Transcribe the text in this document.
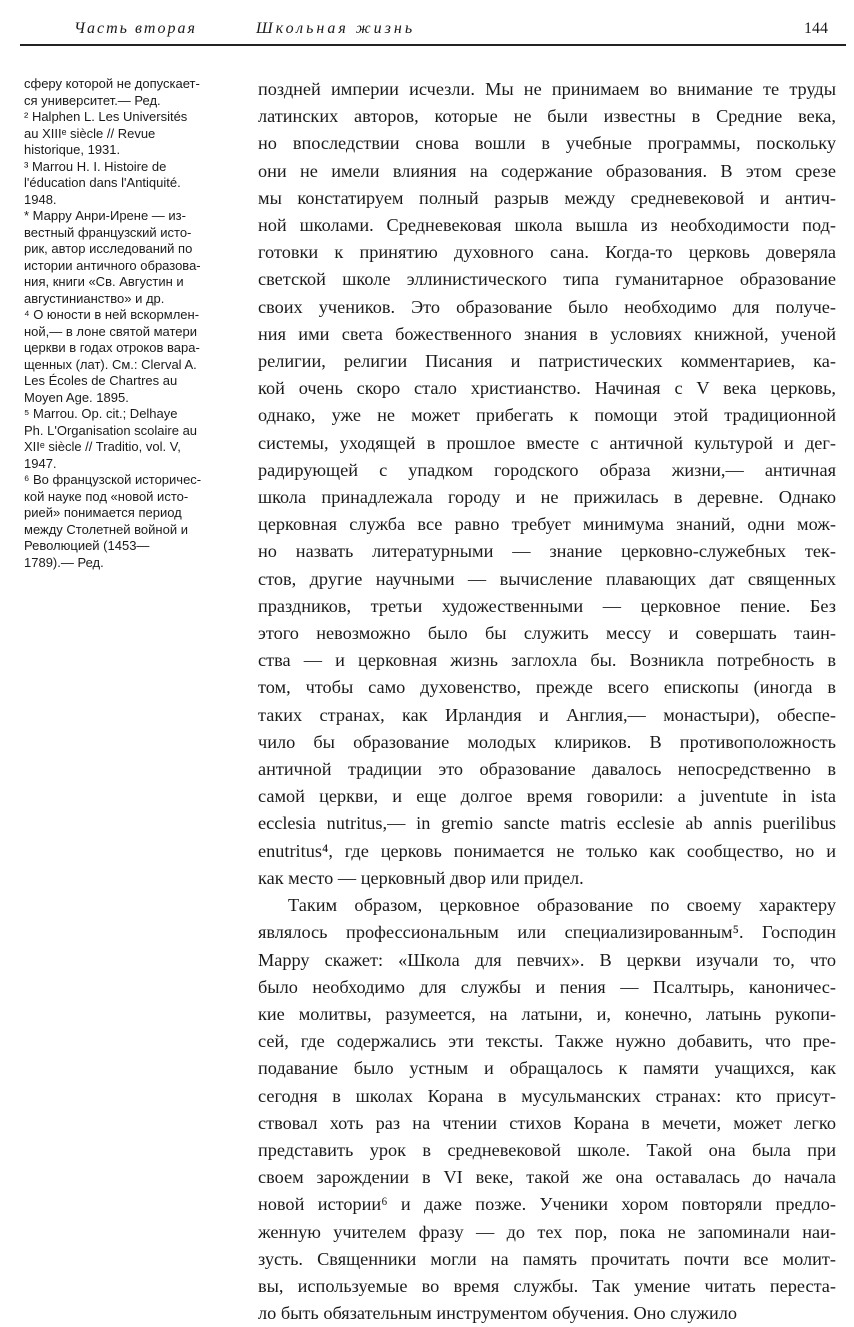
Часть вторая	Школьная жизнь	144
сферу которой не допускает-
ся университет.— Ред.
² Halphen L. Les Universités
au XIIIᵉ siècle // Revue
historique, 1931.
³ Marrou H. I. Histoire de
l'éducation dans l'Antiquité.
1948.
* Марру Анри-Ирене — из-
вестный французский исто-
рик, автор исследований по
истории античного образова-
ния, книги «Св. Августин и
августинианство» и др.
⁴ О юности в ней вскормлен-
ной,— в лоне святой матери
церкви в годах отроков вара-
щенных (лат). См.: Clerval A.
Les Écoles de Chartres au
Moyen Age. 1895.
⁵ Marrou. Op. cit.; Delhaye
Ph. L'Organisation scolaire au
XIIᵉ siècle // Traditio, vol. V,
1947.
⁶ Во французской историчес-
кой науке под «новой исто-
рией» понимается период
между Столетней войной и
Революцией (1453—
1789).— Ред.
поздней империи исчезли. Мы не принимаем во внимание те труды
латинских авторов, которые не были известны в Средние века,
но впоследствии снова вошли в учебные программы, поскольку
они не имели влияния на содержание образования. В этом срезе
мы констатируем полный разрыв между средневековой и антич-
ной школами. Средневековая школа вышла из необходимости под-
готовки к принятию духовного сана. Когда-то церковь доверяла
светской школе эллинистического типа гуманитарное образование
своих учеников. Это образование было необходимо для получе-
ния ими света божественного знания в условиях книжной, ученой
религии, религии Писания и патристических комментариев, ка-
кой очень скоро стало христианство. Начиная с V века церковь,
однако, уже не может прибегать к помощи этой традиционной
системы, уходящей в прошлое вместе с античной культурой и дег-
радирующей с упадком городского образа жизни,— античная
школа принадлежала городу и не прижилась в деревне. Однако
церковная служба все равно требует минимума знаний, одни мож-
но назвать литературными — знание церковно-служебных тек-
стов, другие научными — вычисление плавающих дат священных
праздников, третьи художественными — церковное пение. Без
этого невозможно было бы служить мессу и совершать таин-
ства — и церковная жизнь заглохла бы. Возникла потребность в
том, чтобы само духовенство, прежде всего епископы (иногда в
таких странах, как Ирландия и Англия,— монастыри), обеспе-
чило бы образование молодых клириков. В противоположность
античной традиции это образование давалось непосредственно в
самой церкви, и еще долгое время говорили: a juventute in ista
ecclesia nutritus,— in gremio sancte matris ecclesie ab annis puerilibus
enutritus⁴, где церковь понимается не только как сообщество, но и
как место — церковный двор или придел.
Таким образом, церковное образование по своему характеру
являлось профессиональным или специализированным⁵. Господин
Марру скажет: «Школа для певчих». В церкви изучали то, что
было необходимо для службы и пения — Псалтырь, канoничес-
кие молитвы, разумеется, на латыни, и, конечно, латынь рукопи-
сей, где содержались эти тексты. Также нужно добавить, что пре-
подавание было устным и обращалось к памяти учащихся, как
сегодня в школах Корана в мусульманских странах: кто присут-
ствовал хоть раз на чтении стихов Корана в мечети, может легко
представить урок в средневековой школе. Такой она была при
своем зарождении в VI веке, такой же она оставалась до начала
новой истории⁶ и даже позже. Ученики хором повторяли предло-
женную учителем фразу — до тех пор, пока не запоминали наи-
зусть. Священники могли на память прочитать почти все молит-
вы, используемые во время службы. Так умение читать переста-
ло быть обязательным инструментом обучения. Оно служило
